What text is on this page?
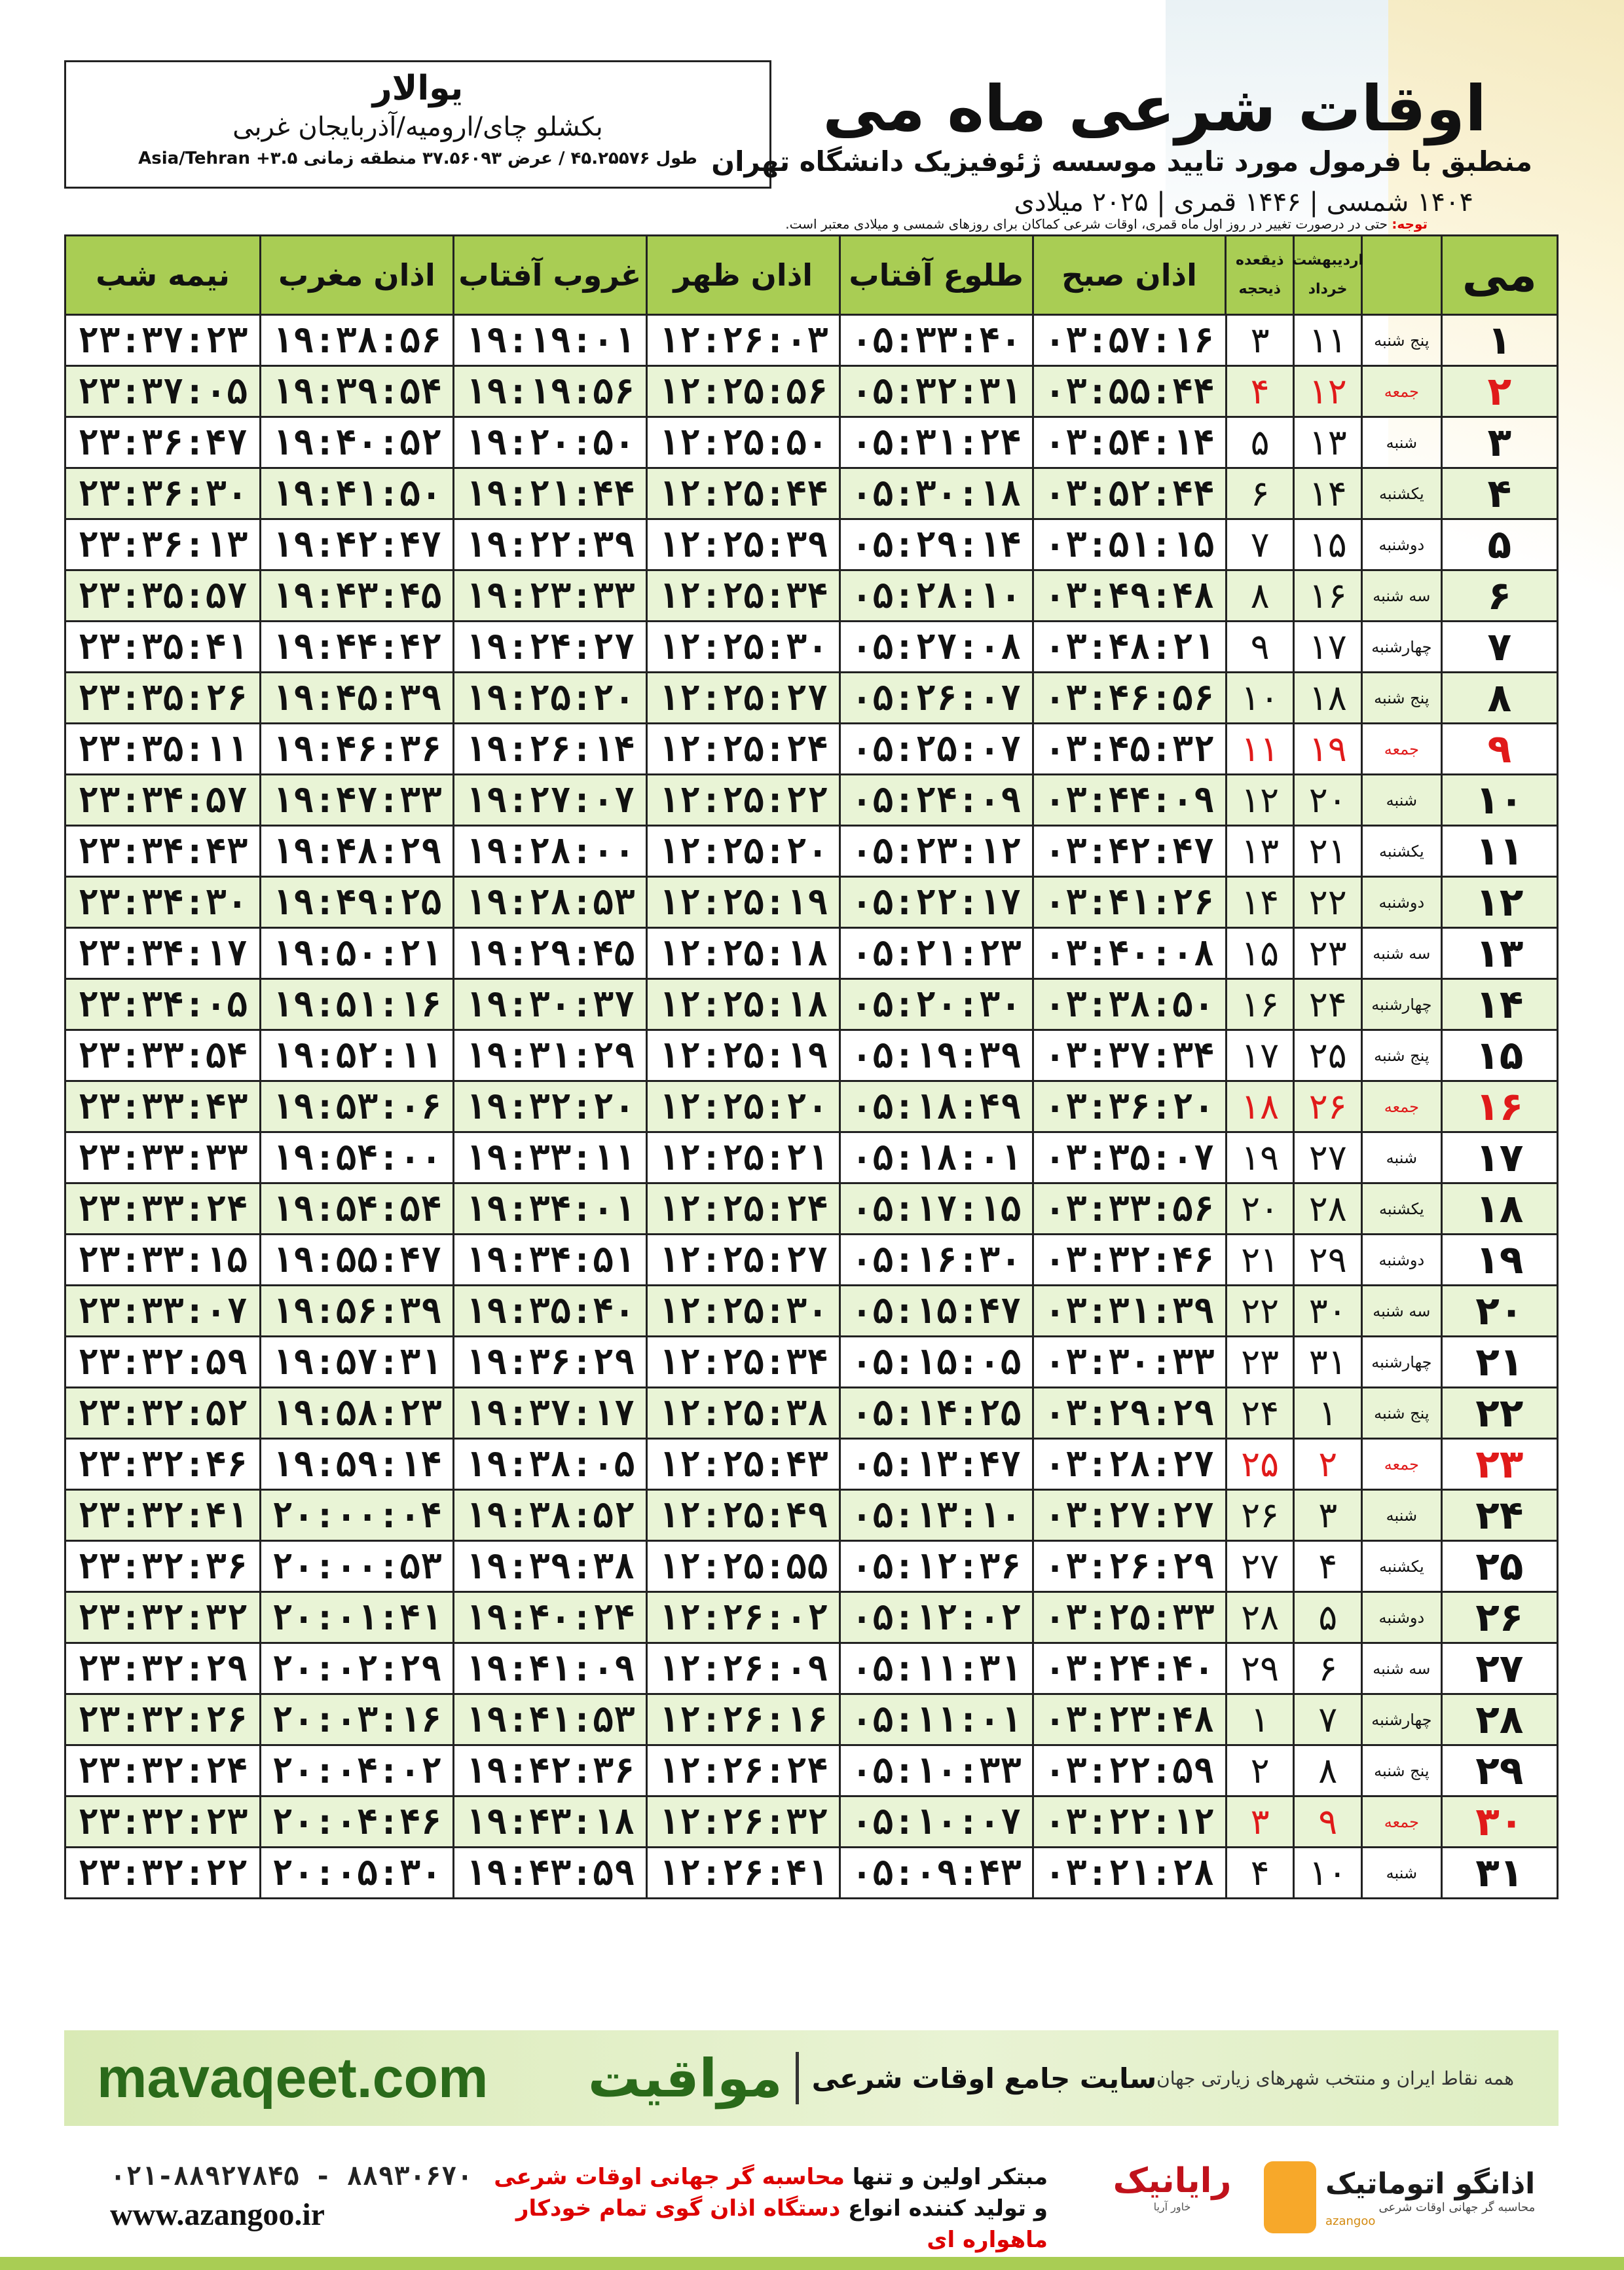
یوالار
بکشلو چای/ارومیه/آذربایجان غربی
طول ۴۵.۲۵۵۷۶ / عرض ۳۷.۵۶۰۹۳ منطقه زمانی ۳.۵+ Asia/Tehran
اوقات شرعی ماه می
منطبق با فرمول مورد تایید موسسه ژئوفیزیک دانشگاه تهران
۱۴۰۴ شمسی | ۱۴۴۶ قمری | ۲۰۲۵ میلادی
توجه: حتی در درصورت تغییر در روز اول ماه قمری، اوقات شرعی کماکان برای روزهای شمسی و میلادی معتبر است.
می
اردیبهشت
خرداد
ذیقعده
ذیحجه
اذان صبح
طلوع آفتاب
اذان ظهر
غروب آفتاب
اذان مغرب
نیمه شب
۱
پنج شنبه
۱۱
۳
۰۳:۵۷:۱۶
۰۵:۳۳:۴۰
۱۲:۲۶:۰۳
۱۹:۱۹:۰۱
۱۹:۳۸:۵۶
۲۳:۳۷:۲۳
۲
جمعه
۱۲
۴
۰۳:۵۵:۴۴
۰۵:۳۲:۳۱
۱۲:۲۵:۵۶
۱۹:۱۹:۵۶
۱۹:۳۹:۵۴
۲۳:۳۷:۰۵
۳
شنبه
۱۳
۵
۰۳:۵۴:۱۴
۰۵:۳۱:۲۴
۱۲:۲۵:۵۰
۱۹:۲۰:۵۰
۱۹:۴۰:۵۲
۲۳:۳۶:۴۷
۴
یکشنبه
۱۴
۶
۰۳:۵۲:۴۴
۰۵:۳۰:۱۸
۱۲:۲۵:۴۴
۱۹:۲۱:۴۴
۱۹:۴۱:۵۰
۲۳:۳۶:۳۰
۵
دوشنبه
۱۵
۷
۰۳:۵۱:۱۵
۰۵:۲۹:۱۴
۱۲:۲۵:۳۹
۱۹:۲۲:۳۹
۱۹:۴۲:۴۷
۲۳:۳۶:۱۳
۶
سه شنبه
۱۶
۸
۰۳:۴۹:۴۸
۰۵:۲۸:۱۰
۱۲:۲۵:۳۴
۱۹:۲۳:۳۳
۱۹:۴۳:۴۵
۲۳:۳۵:۵۷
۷
چهارشنبه
۱۷
۹
۰۳:۴۸:۲۱
۰۵:۲۷:۰۸
۱۲:۲۵:۳۰
۱۹:۲۴:۲۷
۱۹:۴۴:۴۲
۲۳:۳۵:۴۱
۸
پنج شنبه
۱۸
۱۰
۰۳:۴۶:۵۶
۰۵:۲۶:۰۷
۱۲:۲۵:۲۷
۱۹:۲۵:۲۰
۱۹:۴۵:۳۹
۲۳:۳۵:۲۶
۹
جمعه
۱۹
۱۱
۰۳:۴۵:۳۲
۰۵:۲۵:۰۷
۱۲:۲۵:۲۴
۱۹:۲۶:۱۴
۱۹:۴۶:۳۶
۲۳:۳۵:۱۱
۱۰
شنبه
۲۰
۱۲
۰۳:۴۴:۰۹
۰۵:۲۴:۰۹
۱۲:۲۵:۲۲
۱۹:۲۷:۰۷
۱۹:۴۷:۳۳
۲۳:۳۴:۵۷
۱۱
یکشنبه
۲۱
۱۳
۰۳:۴۲:۴۷
۰۵:۲۳:۱۲
۱۲:۲۵:۲۰
۱۹:۲۸:۰۰
۱۹:۴۸:۲۹
۲۳:۳۴:۴۳
۱۲
دوشنبه
۲۲
۱۴
۰۳:۴۱:۲۶
۰۵:۲۲:۱۷
۱۲:۲۵:۱۹
۱۹:۲۸:۵۳
۱۹:۴۹:۲۵
۲۳:۳۴:۳۰
۱۳
سه شنبه
۲۳
۱۵
۰۳:۴۰:۰۸
۰۵:۲۱:۲۳
۱۲:۲۵:۱۸
۱۹:۲۹:۴۵
۱۹:۵۰:۲۱
۲۳:۳۴:۱۷
۱۴
چهارشنبه
۲۴
۱۶
۰۳:۳۸:۵۰
۰۵:۲۰:۳۰
۱۲:۲۵:۱۸
۱۹:۳۰:۳۷
۱۹:۵۱:۱۶
۲۳:۳۴:۰۵
۱۵
پنج شنبه
۲۵
۱۷
۰۳:۳۷:۳۴
۰۵:۱۹:۳۹
۱۲:۲۵:۱۹
۱۹:۳۱:۲۹
۱۹:۵۲:۱۱
۲۳:۳۳:۵۴
۱۶
جمعه
۲۶
۱۸
۰۳:۳۶:۲۰
۰۵:۱۸:۴۹
۱۲:۲۵:۲۰
۱۹:۳۲:۲۰
۱۹:۵۳:۰۶
۲۳:۳۳:۴۳
۱۷
شنبه
۲۷
۱۹
۰۳:۳۵:۰۷
۰۵:۱۸:۰۱
۱۲:۲۵:۲۱
۱۹:۳۳:۱۱
۱۹:۵۴:۰۰
۲۳:۳۳:۳۳
۱۸
یکشنبه
۲۸
۲۰
۰۳:۳۳:۵۶
۰۵:۱۷:۱۵
۱۲:۲۵:۲۴
۱۹:۳۴:۰۱
۱۹:۵۴:۵۴
۲۳:۳۳:۲۴
۱۹
دوشنبه
۲۹
۲۱
۰۳:۳۲:۴۶
۰۵:۱۶:۳۰
۱۲:۲۵:۲۷
۱۹:۳۴:۵۱
۱۹:۵۵:۴۷
۲۳:۳۳:۱۵
۲۰
سه شنبه
۳۰
۲۲
۰۳:۳۱:۳۹
۰۵:۱۵:۴۷
۱۲:۲۵:۳۰
۱۹:۳۵:۴۰
۱۹:۵۶:۳۹
۲۳:۳۳:۰۷
۲۱
چهارشنبه
۳۱
۲۳
۰۳:۳۰:۳۳
۰۵:۱۵:۰۵
۱۲:۲۵:۳۴
۱۹:۳۶:۲۹
۱۹:۵۷:۳۱
۲۳:۳۲:۵۹
۲۲
پنج شنبه
۱
۲۴
۰۳:۲۹:۲۹
۰۵:۱۴:۲۵
۱۲:۲۵:۳۸
۱۹:۳۷:۱۷
۱۹:۵۸:۲۳
۲۳:۳۲:۵۲
۲۳
جمعه
۲
۲۵
۰۳:۲۸:۲۷
۰۵:۱۳:۴۷
۱۲:۲۵:۴۳
۱۹:۳۸:۰۵
۱۹:۵۹:۱۴
۲۳:۳۲:۴۶
۲۴
شنبه
۳
۲۶
۰۳:۲۷:۲۷
۰۵:۱۳:۱۰
۱۲:۲۵:۴۹
۱۹:۳۸:۵۲
۲۰:۰۰:۰۴
۲۳:۳۲:۴۱
۲۵
یکشنبه
۴
۲۷
۰۳:۲۶:۲۹
۰۵:۱۲:۳۶
۱۲:۲۵:۵۵
۱۹:۳۹:۳۸
۲۰:۰۰:۵۳
۲۳:۳۲:۳۶
۲۶
دوشنبه
۵
۲۸
۰۳:۲۵:۳۳
۰۵:۱۲:۰۲
۱۲:۲۶:۰۲
۱۹:۴۰:۲۴
۲۰:۰۱:۴۱
۲۳:۳۲:۳۲
۲۷
سه شنبه
۶
۲۹
۰۳:۲۴:۴۰
۰۵:۱۱:۳۱
۱۲:۲۶:۰۹
۱۹:۴۱:۰۹
۲۰:۰۲:۲۹
۲۳:۳۲:۲۹
۲۸
چهارشنبه
۷
۱
۰۳:۲۳:۴۸
۰۵:۱۱:۰۱
۱۲:۲۶:۱۶
۱۹:۴۱:۵۳
۲۰:۰۳:۱۶
۲۳:۳۲:۲۶
۲۹
پنج شنبه
۸
۲
۰۳:۲۲:۵۹
۰۵:۱۰:۳۳
۱۲:۲۶:۲۴
۱۹:۴۲:۳۶
۲۰:۰۴:۰۲
۲۳:۳۲:۲۴
۳۰
جمعه
۹
۳
۰۳:۲۲:۱۲
۰۵:۱۰:۰۷
۱۲:۲۶:۳۲
۱۹:۴۳:۱۸
۲۰:۰۴:۴۶
۲۳:۳۲:۲۳
۳۱
شنبه
۱۰
۴
۰۳:۲۱:۲۸
۰۵:۰۹:۴۳
۱۲:۲۶:۴۱
۱۹:۴۳:۵۹
۲۰:۰۵:۳۰
۲۳:۳۲:۲۲
mavaqeet.com مواقیت سایت جامع اوقات شرعی همه نقاط ایران و منتخب شهرهای زیارتی جهان
۰۲۱-۸۸۹۲۷۸۴۵ - ۸۸۹۳۰۶۷۰
www.azangoo.ir
مبتکر اولین و تنها محاسبه گر جهانی اوقات شرعی
و تولید کننده انواع دستگاه اذان گوی تمام خودکار ماهواره ای
رایانیک
خاور آریا
اذانگو اتوماتیک
محاسبه گر جهانی اوقات شرعی
azangoo
